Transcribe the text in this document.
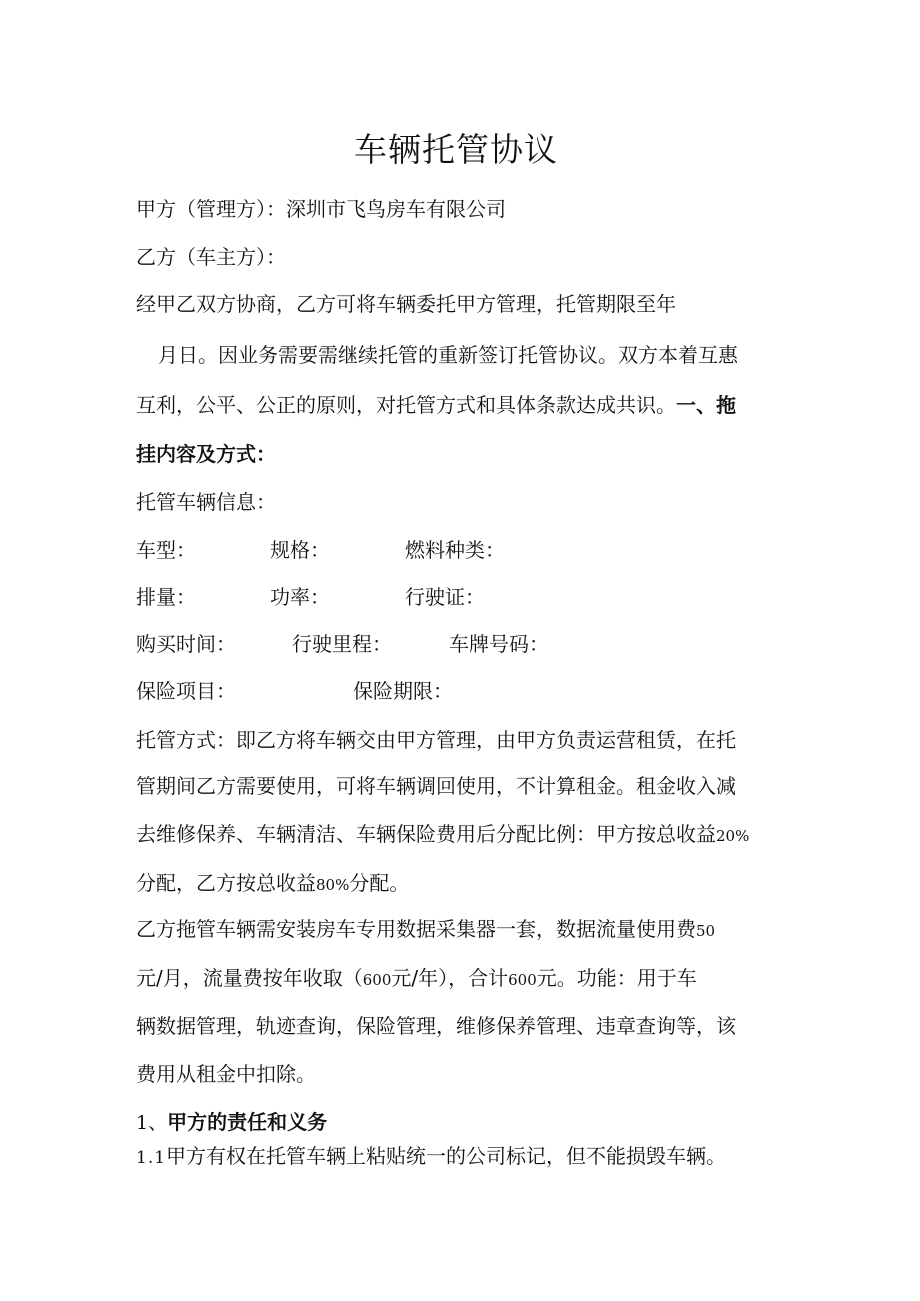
车辆托管协议
甲方（管理方）：深圳市飞鸟房车有限公司
乙方（车主方）：
经甲乙双方协商，乙方可将车辆委托甲方管理，托管期限至年
月日。因业务需要需继续托管的重新签订托管协议。双方本着互惠
互利，公平、公正的原则，对托管方式和具体条款达成共识。一、拖
挂内容及方式：
托管车辆信息：
车型：	规格：	燃料种类：
排量：	功率：	行驶证：
购买时间：	行驶里程：	车牌号码：
保险项目：	保险期限：
托管方式：即乙方将车辆交由甲方管理，由甲方负责运营租赁，在托
管期间乙方需要使用，可将车辆调回使用，不计算租金。租金收入减
去维修保养、车辆清洁、车辆保险费用后分配比例：甲方按总收益20%
分配，乙方按总收益80%分配。
乙方拖管车辆需安装房车专用数据采集器一套，数据流量使用费50
元/月，流量费按年收取（600元/年），合计600元。功能：用于车
辆数据管理，轨迹查询，保险管理，维修保养管理、违章查询等，该
费用从租金中扣除。
1、甲方的责任和义务
1.1甲方有权在托管车辆上粘贴统一的公司标记，但不能损毁车辆。
